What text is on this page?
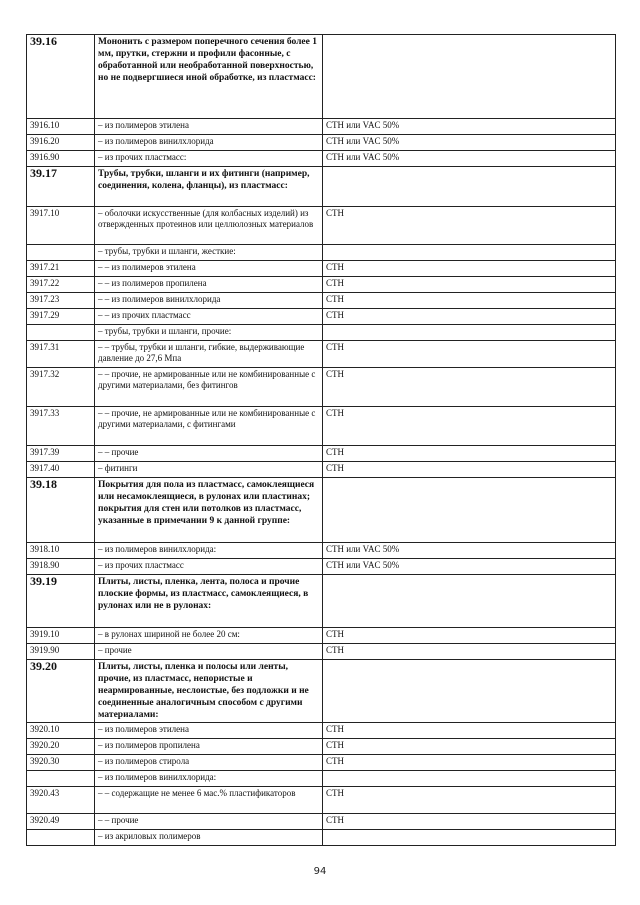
39.16	Мононить с размером поперечного сечения более 1 мм, прутки, стержни и профили фасонные, с обработанной или необработанной поверхностью, но не подвергшиеся иной обработке, из пластмасс:	
3916.10	– из полимеров этилена	СТН или VAC 50%
3916.20	– из полимеров винилхлорида	СТН или VAC 50%
3916.90	– из прочих пластмасс:	СТН или VAC 50%
39.17	Трубы, трубки, шланги и их фитинги (например, соединения, колена, фланцы), из пластмасс:	
3917.10	– оболочки искусственные (для колбасных изделий) из отвержденных протеинов или целлюлозных материалов	СТН
	– трубы, трубки и шланги, жесткие:	
3917.21	– – из полимеров этилена	СТН
3917.22	– – из полимеров пропилена	СТН
3917.23	– – из полимеров винилхлорида	СТН
3917.29	– – из прочих пластмасс	СТН
	– трубы, трубки и шланги, прочие:	
3917.31	– – трубы, трубки и шланги, гибкие, выдерживающие давление до 27,6 Мпа	СТН
3917.32	– – прочие, не армированные или не комбинированные с другими материалами, без фитингов	СТН
3917.33	– – прочие, не армированные или не комбинированные с другими материалами, с фитингами	СТН
3917.39	– – прочие	СТН
3917.40	– фитинги	СТН
39.18	Покрытия для пола из пластмасс, самоклеящиеся или несамоклеящиеся, в рулонах или пластинах; покрытия для стен или потолков из пластмасс, указанные в примечании 9 к данной группе:	
3918.10	– из полимеров винилхлорида:	СТН или VAC 50%
3918.90	– из прочих пластмасс	СТН или VAC 50%
39.19	Плиты, листы, пленка, лента, полоса и прочие плоские формы, из пластмасс, самоклеящиеся, в рулонах или не в рулонах:	
3919.10	– в рулонах шириной не более 20 см:	СТН
3919.90	– прочие	СТН
39.20	Плиты, листы, пленка и полосы или ленты, прочие, из пластмасс, непористые и неармированные, неслоистые, без подложки и не соединенные аналогичным способом с другими материалами:	
3920.10	– из полимеров этилена	СТН
3920.20	– из полимеров пропилена	СТН
3920.30	– из полимеров стирола	СТН
	– из полимеров винилхлорида:	
3920.43	– – содержащие не менее 6 мас.% пластификаторов	СТН
3920.49	– – прочие	СТН
	– из акриловых полимеров	
94
